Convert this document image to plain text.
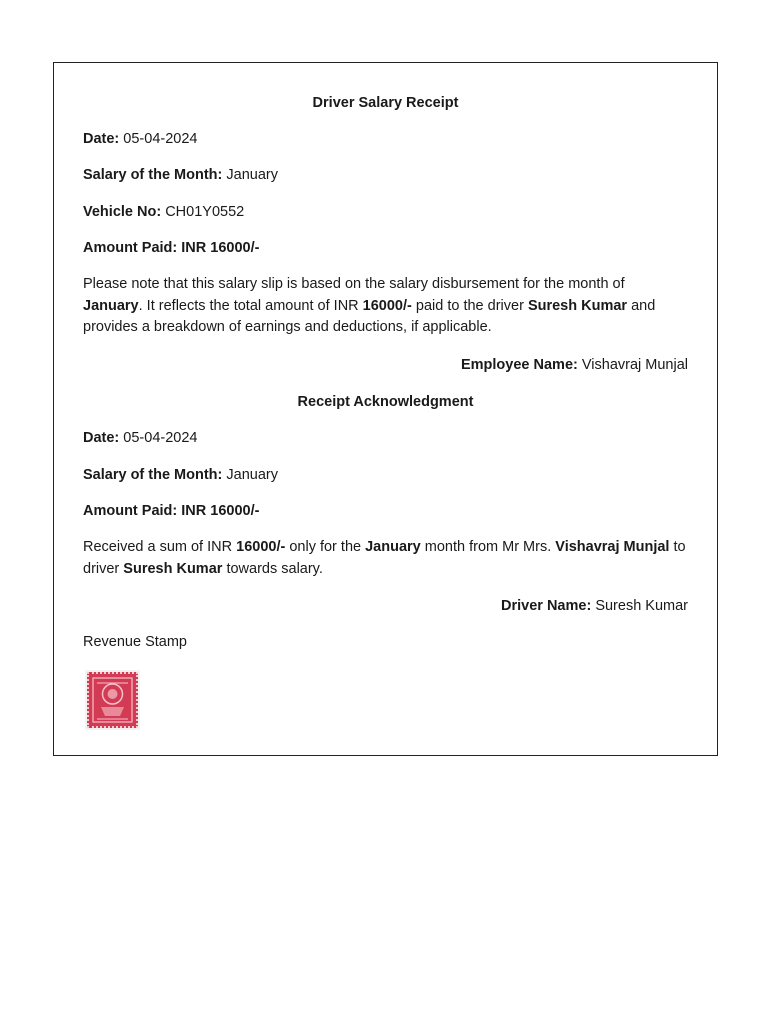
Driver Salary Receipt
Date: 05-04-2024
Salary of the Month: January
Vehicle No: CH01Y0552
Amount Paid: INR 16000/-
Please note that this salary slip is based on the salary disbursement for the month of January. It reflects the total amount of INR 16000/- paid to the driver Suresh Kumar and provides a breakdown of earnings and deductions, if applicable.
Employee Name: Vishavraj Munjal
Receipt Acknowledgment
Date: 05-04-2024
Salary of the Month: January
Amount Paid: INR 16000/-
Received a sum of INR 16000/- only for the January month from Mr Mrs. Vishavraj Munjal to driver Suresh Kumar towards salary.
Driver Name: Suresh Kumar
Revenue Stamp
